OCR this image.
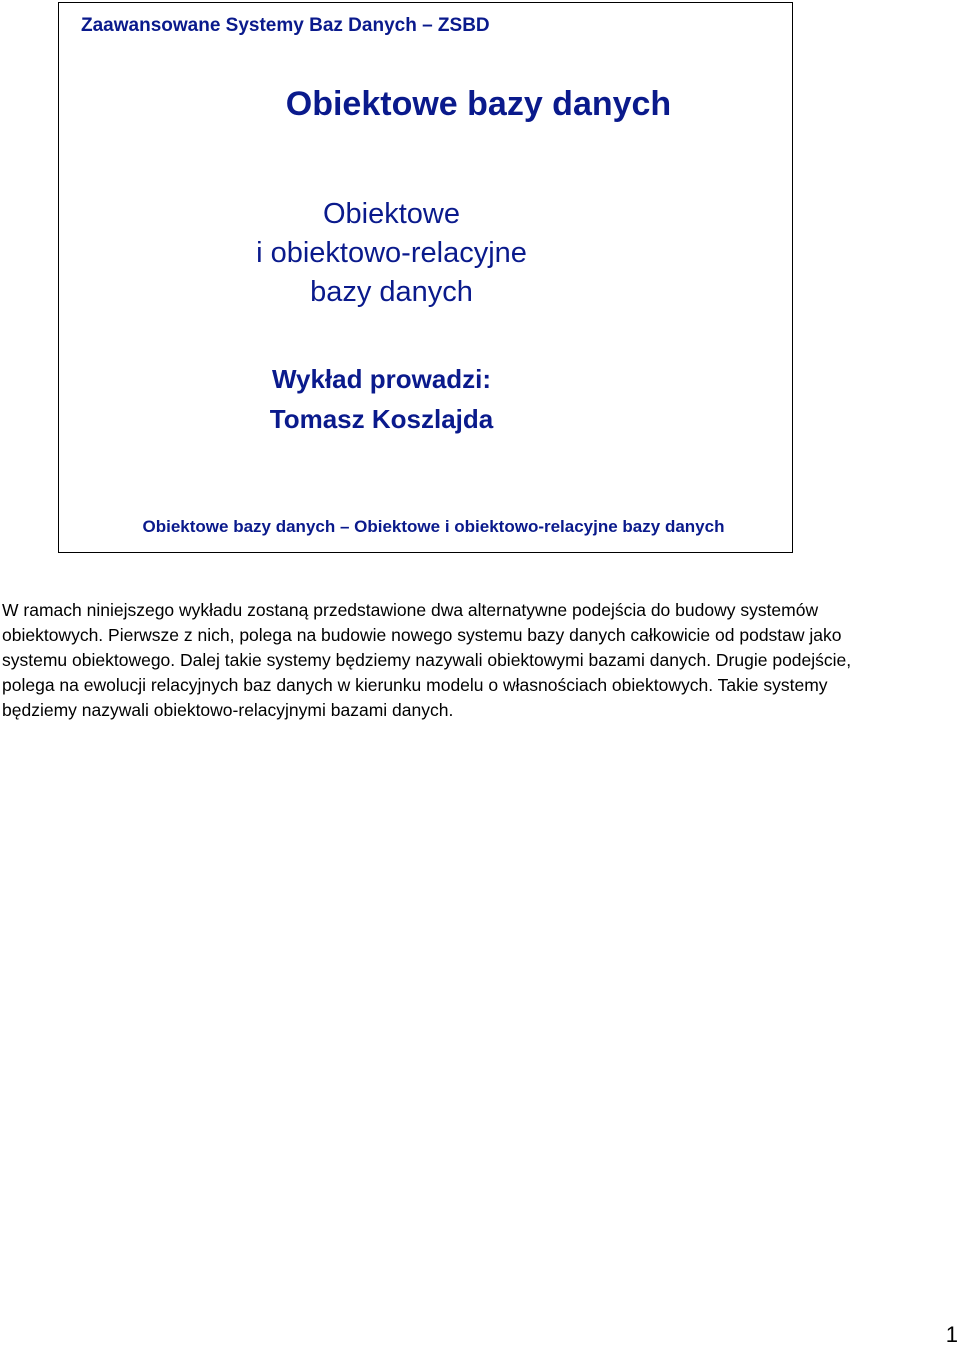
Zaawansowane Systemy Baz Danych – ZSBD
Obiektowe bazy danych
Obiektowe
i obiektowo-relacyjne
bazy danych
Wykład prowadzi:
Tomasz Koszlajda
Obiektowe bazy danych – Obiektowe i obiektowo-relacyjne bazy danych

W ramach niniejszego wykładu zostaną przedstawione dwa alternatywne podejścia do budowy systemów obiektowych. Pierwsze z nich, polega na budowie nowego systemu bazy danych całkowicie od podstaw jako systemu obiektowego. Dalej takie systemy będziemy nazywali obiektowymi bazami danych. Drugie podejście, polega na ewolucji relacyjnych baz danych w kierunku modelu o własnościach obiektowych. Takie systemy będziemy nazywali obiektowo-relacyjnymi bazami danych.

1
